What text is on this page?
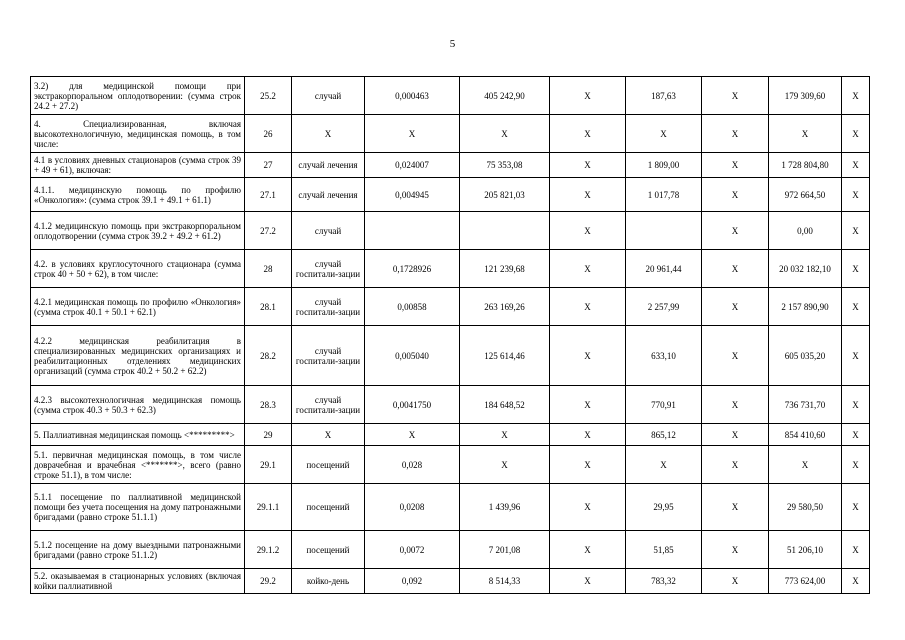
5
3.2) для медицинской помощи при экстракорпоральном оплодотворении: (сумма строк 24.2 + 27.2)	25.2	случай	0,000463	405 242,90	X	187,63	X	179 309,60	X
4. Специализированная, включая высокотехнологичную, медицинская помощь, в том числе:	26	X	X	X	X	X	X	X	X
4.1 в условиях дневных стационаров (сумма строк 39 + 49 + 61), включая:	27	случай лечения	0,024007	75 353,08	X	1 809,00	X	1 728 804,80	X
4.1.1. медицинскую помощь по профилю «Онкология»: (сумма строк 39.1 + 49.1 + 61.1)	27.1	случай лечения	0,004945	205 821,03	X	1 017,78	X	972 664,50	X
4.1.2 медицинскую помощь при экстракорпоральном оплодотворении (сумма строк 39.2 + 49.2 + 61.2)	27.2	случай			X		X	0,00	X
4.2. в условиях круглосуточного стационара (сумма строк 40 + 50 + 62), в том числе:	28	случай госпитали-зации	0,1728926	121 239,68	X	20 961,44	X	20 032 182,10	X
4.2.1 медицинская помощь по профилю «Онкология» (сумма строк 40.1 + 50.1 + 62.1)	28.1	случай госпитали-зации	0,00858	263 169,26	X	2 257,99	X	2 157 890,90	X
4.2.2 медицинская реабилитация в специализированных медицинских организациях и реабилитационных отделениях медицинских организаций (сумма строк 40.2 + 50.2 + 62.2)	28.2	случай госпитали-зации	0,005040	125 614,46	X	633,10	X	605 035,20	X
4.2.3 высокотехнологичная медицинская помощь (сумма строк 40.3 + 50.3 + 62.3)	28.3	случай госпитали-зации	0,0041750	184 648,52	X	770,91	X	736 731,70	X
5. Паллиативная медицинская помощь <*********>	29	X	X	X	X	865,12	X	854 410,60	X
5.1. первичная медицинская помощь, в том числе доврачебная и врачебная <*******>, всего (равно строке 51.1), в том числе:	29.1	посещений	0,028	X	X	X	X	X	X
5.1.1 посещение по паллиативной медицинской помощи без учета посещения на дому патронажными бригадами (равно строке 51.1.1)	29.1.1	посещений	0,0208	1 439,96	X	29,95	X	29 580,50	X
5.1.2 посещение на дому выездными патронажными бригадами (равно строке 51.1.2)	29.1.2	посещений	0,0072	7 201,08	X	51,85	X	51 206,10	X
5.2. оказываемая в стационарных условиях (включая койки паллиативной	29.2	койко-день	0,092	8 514,33	X	783,32	X	773 624,00	X
